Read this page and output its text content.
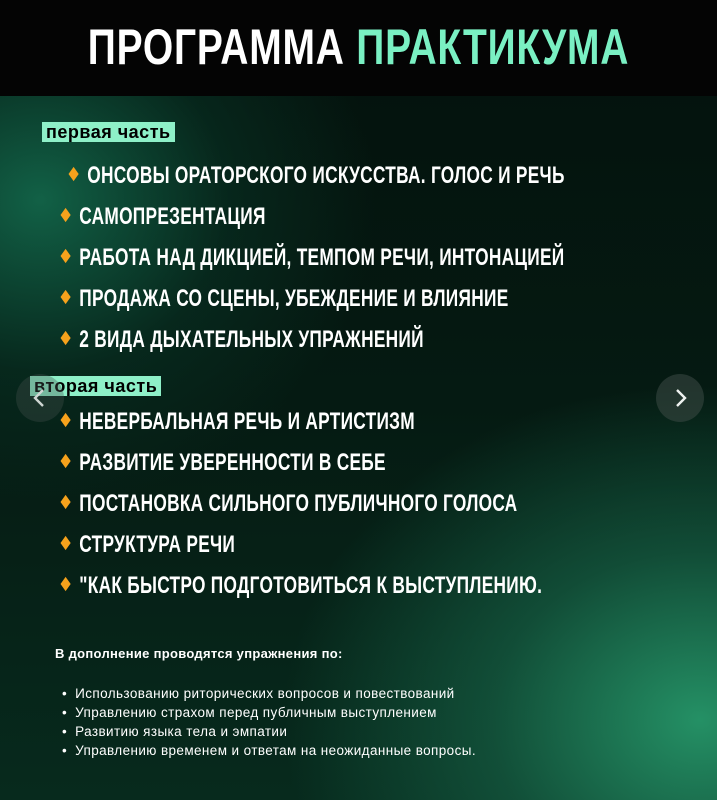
ПРОГРАММА ПРАКТИКУМА
первая часть
ОНСОВЫ ОРАТОРСКОГО ИСКУССТВА. ГОЛОС И РЕЧЬ
САМОПРЕЗЕНТАЦИЯ
РАБОТА НАД ДИКЦИЕЙ, ТЕМПОМ РЕЧИ, ИНТОНАЦИЕЙ
ПРОДАЖА СО СЦЕНЫ, УБЕЖДЕНИЕ И ВЛИЯНИЕ
2 ВИДА ДЫХАТЕЛЬНЫХ УПРАЖНЕНИЙ
вторая часть
НЕВЕРБАЛЬНАЯ РЕЧЬ И АРТИСТИЗМ
РАЗВИТИЕ УВЕРЕННОСТИ В СЕБЕ
ПОСТАНОВКА СИЛЬНОГО ПУБЛИЧНОГО ГОЛОСА
СТРУКТУРА РЕЧИ
"КАК БЫСТРО ПОДГОТОВИТЬСЯ К ВЫСТУПЛЕНИЮ.
В дополнение проводятся упражнения по:
• Использованию риторических вопросов и повествований
• Управлению страхом перед публичным выступлением
• Развитию языка тела и эмпатии
• Управлению временем и ответам на неожиданные вопросы.
